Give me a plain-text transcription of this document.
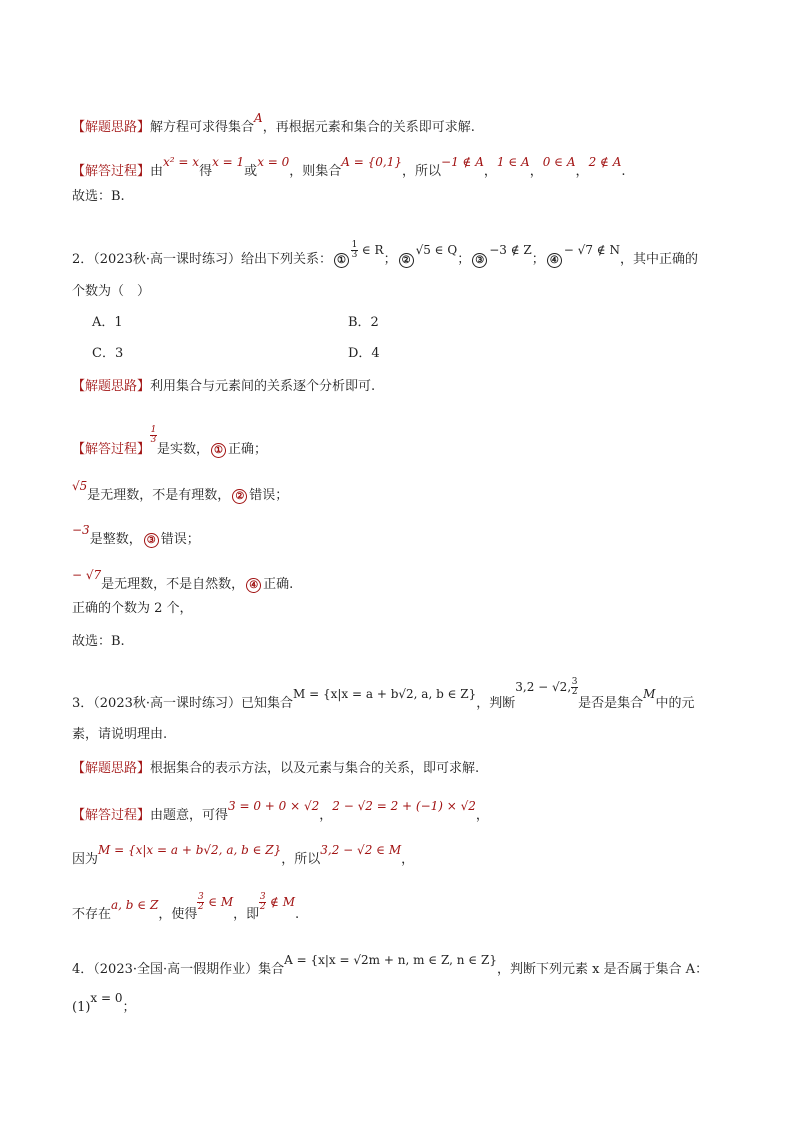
【解题思路】解方程可求得集合A，再根据元素和集合的关系即可求解.
【解答过程】由x² = x得x = 1或x = 0，则集合A = {0,1}，所以−1 ∉ A，1 ∈ A，0 ∈ A，2 ∉ A.
故选：B.
2．（2023秋·高一课时练习）给出下列关系： ①
$\frac{1}{3}$ ∈ R； ②√5 ∈ Q； ③−3 ∉ Z； ④− √7 ∉ N，其中正确的
个数为（　）
A．1	B．2
C．3	D．4
【解题思路】利用集合与元素间的关系逐个分析即可.
【解答过程】
$\frac{1}{3}$
是实数， ① 正确；
√5是无理数，不是有理数， ② 错误；
−3是整数， ③ 错误；
− √7是无理数，不是自然数， ④ 正确.
正确的个数为 2 个，
故选：B.
3．（2023秋·高一课时练习）已知集合M = {x|x = a + b√2, a, b ∈ Z}，判断3,2 − √2, $\frac{3}{2}$
是否是集合M中的元
素，请说明理由.
【解题思路】根据集合的表示方法，以及元素与集合的关系，即可求解.
【解答过程】由题意，可得3 = 0 + 0 × √2，2 − √2 = 2 + (−1) × √2，
因为M = {x|x = a + b√2, a, b ∈ Z}，所以3,2 − √2 ∈ M，
不存在a, b ∈ Z，使得
$\frac{3}{2}$ ∈ M，即
$\frac{3}{2}$ ∉ M.
4．（2023·全国·高一假期作业）集合A = {x|x = √2m + n, m ∈ Z, n ∈ Z}，判断下列元素 x 是否属于集合 A：
(1)x = 0；
